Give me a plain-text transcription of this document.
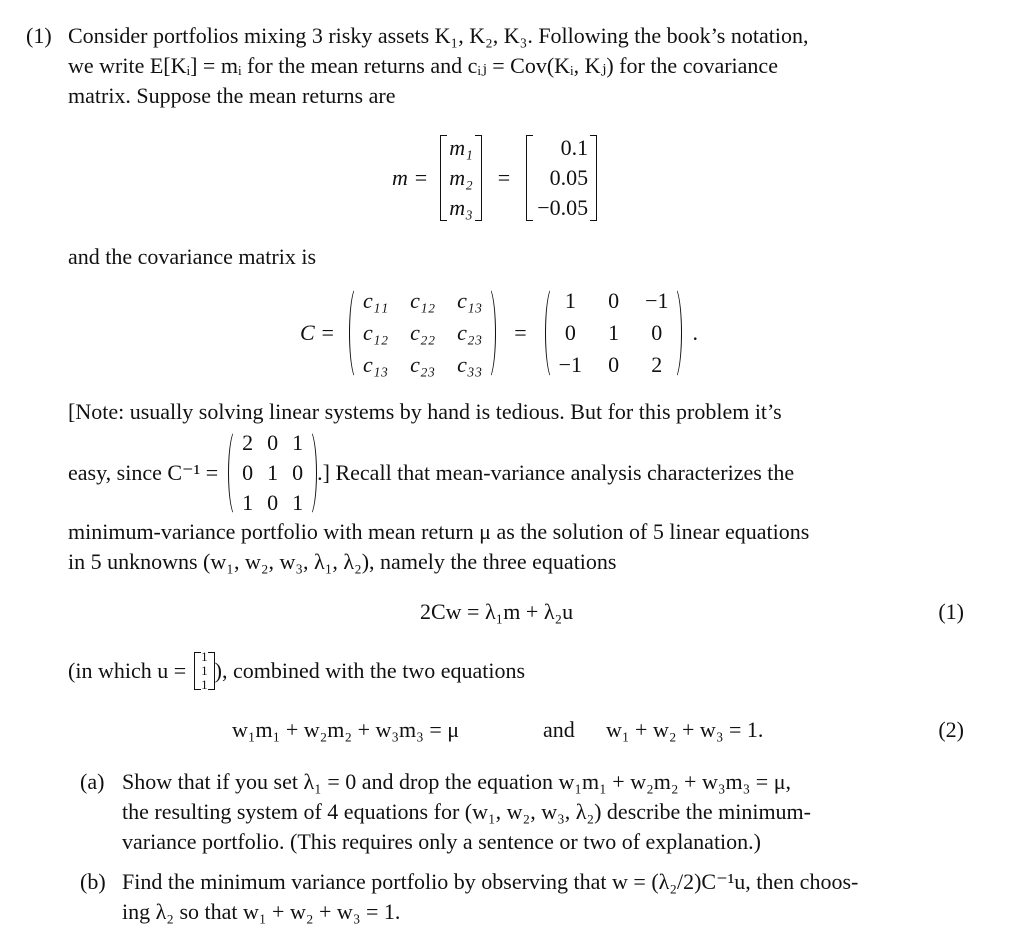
(1) Consider portfolios mixing 3 risky assets K₁, K₂, K₃. Following the book’s notation,
we write E[Kᵢ] = mᵢ for the mean returns and cᵢⱼ = Cov(Kᵢ, Kⱼ) for the covariance
matrix. Suppose the mean returns are
m =
m₁
m₂
m₃
=
0.1
0.05
−0.05
and the covariance matrix is
C =
c₁₁ c₁₂ c₁₃
c₁₂ c₂₂ c₂₃
c₁₃ c₂₃ c₃₃
=
1 0 −1
0 1 0
−1 0 2
.
[Note: usually solving linear systems by hand is tedious. But for this problem it’s
easy, since C⁻¹ =
2 0 1
0 1 0
1 0 1
.] Recall that mean-variance analysis characterizes the
minimum-variance portfolio with mean return μ as the solution of 5 linear equations
in 5 unknowns (w₁, w₂, w₃, λ₁, λ₂), namely the three equations
2Cw = λ₁m + λ₂u	(1)
(in which u =
1
1
1
), combined with the two equations
w₁m₁ + w₂m₂ + w₃m₃ = μ	and w₁ + w₂ + w₃ = 1.	(2)
(a) Show that if you set λ₁ = 0 and drop the equation w₁m₁ + w₂m₂ + w₃m₃ = μ,
the resulting system of 4 equations for (w₁, w₂, w₃, λ₂) describe the minimum-
variance portfolio. (This requires only a sentence or two of explanation.)
(b) Find the minimum variance portfolio by observing that w = (λ₂/2)C⁻¹u, then choos-
ing λ₂ so that w₁ + w₂ + w₃ = 1.
